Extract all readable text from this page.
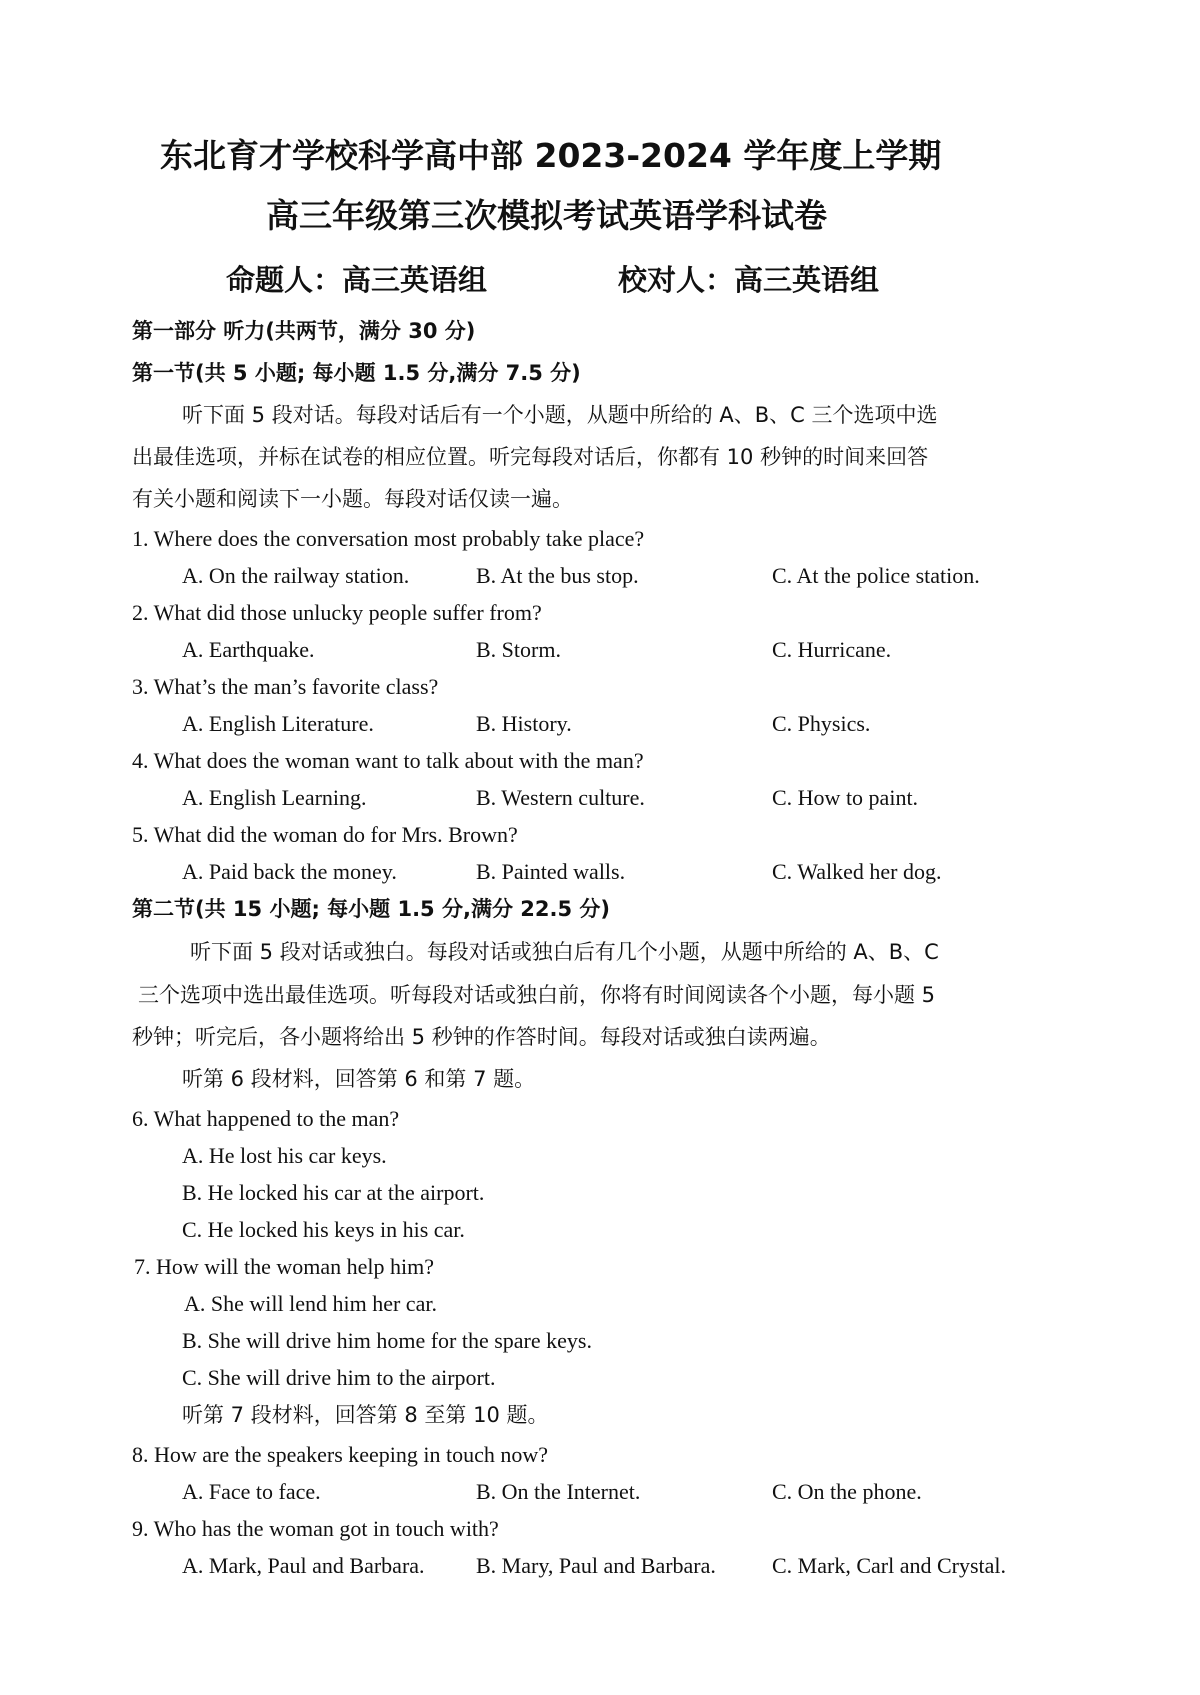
东北育才学校科学高中部 2023-2024 学年度上学期
高三年级第三次模拟考试英语学科试卷
命题人：高三英语组	校对人：高三英语组
第一部分 听力(共两节，满分 30 分)
第一节(共 5 小题; 每小题 1.5 分,满分 7.5 分)
听下面 5 段对话。每段对话后有一个小题，从题中所给的 A、B、C 三个选项中选
出最佳选项，并标在试卷的相应位置。听完每段对话后，你都有 10 秒钟的时间来回答
有关小题和阅读下一小题。每段对话仅读一遍。
1. Where does the conversation most probably take place?
A. On the railway station.	B. At the bus stop.	C. At the police station.
2. What did those unlucky people suffer from?
A. Earthquake.	B. Storm.	C. Hurricane.
3. What’s the man’s favorite class?
A. English Literature.	B. History.	C. Physics.
4. What does the woman want to talk about with the man?
A. English Learning.	B. Western culture.	C. How to paint.
5. What did the woman do for Mrs. Brown?
A. Paid back the money.	B. Painted walls.	C. Walked her dog.
第二节(共 15 小题; 每小题 1.5 分,满分 22.5 分)
听下面 5 段对话或独白。每段对话或独白后有几个小题，从题中所给的 A、B、C
三个选项中选出最佳选项。听每段对话或独白前，你将有时间阅读各个小题，每小题 5
秒钟；听完后，各小题将给出 5 秒钟的作答时间。每段对话或独白读两遍。
听第 6 段材料，回答第 6 和第 7 题。
6. What happened to the man?
A. He lost his car keys.
B. He locked his car at the airport.
C. He locked his keys in his car.
7. How will the woman help him?
A. She will lend him her car.
B. She will drive him home for the spare keys.
C. She will drive him to the airport.
听第 7 段材料，回答第 8 至第 10 题。
8. How are the speakers keeping in touch now?
A. Face to face.	B. On the Internet.	C. On the phone.
9. Who has the woman got in touch with?
A. Mark, Paul and Barbara. B. Mary, Paul and Barbara.	C. Mark, Carl and Crystal.
